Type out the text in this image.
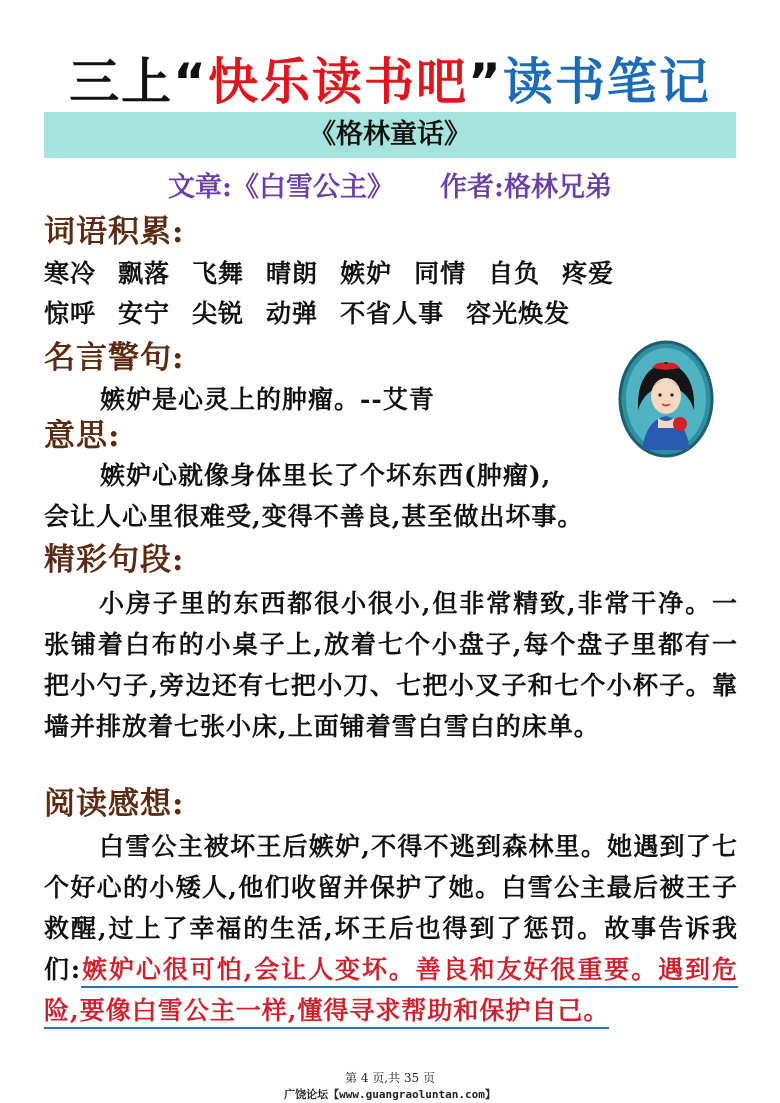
三上“快乐读书吧”读书笔记
《格林童话》
文章:《白雪公主》 作者:格林兄弟
词语积累:
寒冷 飘落 飞舞 晴朗 嫉妒 同情 自负 疼爱
惊呼 安宁 尖锐 动弹 不省人事 容光焕发
名言警句:
嫉妒是心灵上的肿瘤。--艾青
意思:
嫉妒心就像身体里长了个坏东西(肿瘤),
会让人心里很难受,变得不善良,甚至做出坏事。
精彩句段:
小房子里的东西都很小很小,但非常精致,非常干净。一张铺着白布的小桌子上,放着七个小盘子,每个盘子里都有一把小勺子,旁边还有七把小刀、七把小叉子和七个小杯子。靠墙并排放着七张小床,上面铺着雪白雪白的床单。
阅读感想:
白雪公主被坏王后嫉妒,不得不逃到森林里。她遇到了七个好心的小矮人,他们收留并保护了她。白雪公主最后被王子救醒,过上了幸福的生活,坏王后也得到了惩罚。故事告诉我们:嫉妒心很可怕,会让人变坏。善良和友好很重要。遇到危险,要像白雪公主一样,懂得寻求帮助和保护自己。
第 4 页,共 35 页
广饶论坛【www.guangraoluntan.com】
